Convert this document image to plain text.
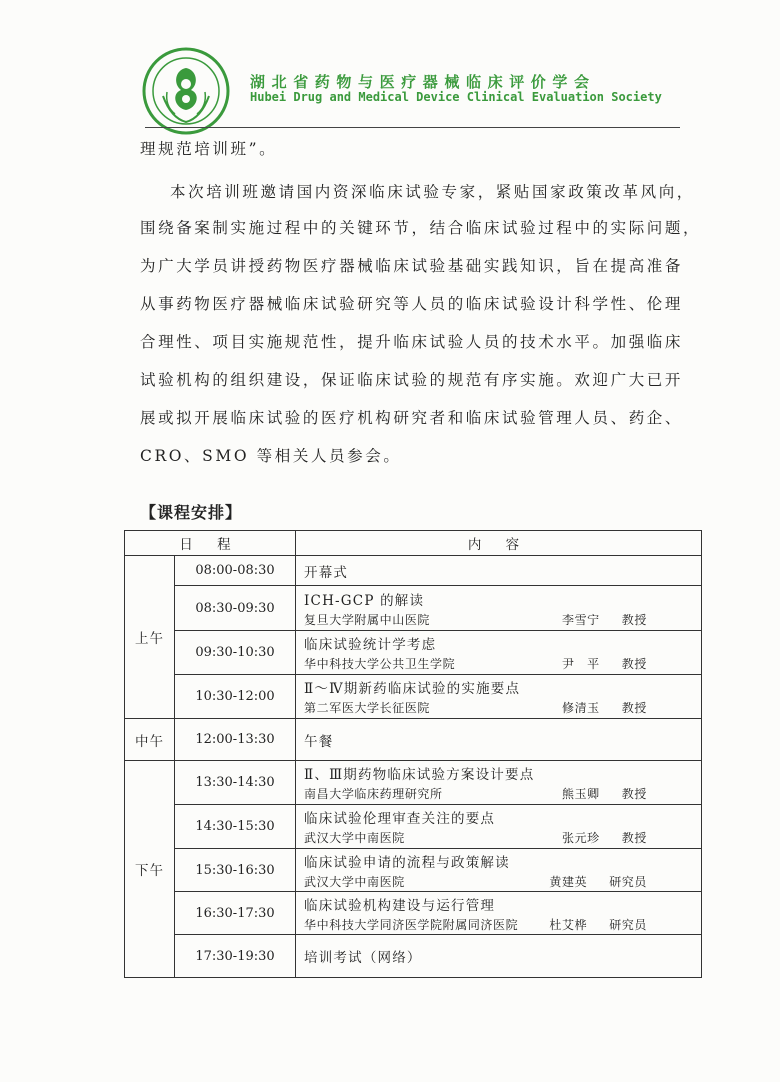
湖北省药物与医疗器械临床评价学会
Hubei Drug and Medical Device Clinical Evaluation Society
理规范培训班”。
本次培训班邀请国内资深临床试验专家，紧贴国家政策改革风向，
围绕备案制实施过程中的关键环节，结合临床试验过程中的实际问题，
为广大学员讲授药物医疗器械临床试验基础实践知识，旨在提高准备
从事药物医疗器械临床试验研究等人员的临床试验设计科学性、伦理
合理性、项目实施规范性，提升临床试验人员的技术水平。加强临床
试验机构的组织建设，保证临床试验的规范有序实施。欢迎广大已开
展或拟开展临床试验的医疗机构研究者和临床试验管理人员、药企、
CRO、SMO 等相关人员参会。
【课程安排】
日 程		内 容
上午	08:00-08:30	开幕式

	08:30-09:30	ICH-GCP 的解读
复旦大学附属中山医院 李雪宁 教授

	09:30-10:30	临床试验统计学考虑
华中科技大学公共卫生学院 尹　平 教授

	10:30-12:00	Ⅱ～Ⅳ期新药临床试验的实施要点
第二军医大学长征医院 修清玉 教授

中午	12:00-13:30	午餐

下午	13:30-14:30	Ⅱ、Ⅲ期药物临床试验方案设计要点
南昌大学临床药理研究所 熊玉卿 教授

	14:30-15:30	临床试验伦理审查关注的要点
武汉大学中南医院 张元珍 教授

	15:30-16:30	临床试验申请的流程与政策解读
武汉大学中南医院 黄建英 研究员

	16:30-17:30	临床试验机构建设与运行管理
华中科技大学同济医学院附属同济医院 杜艾桦 研究员

	17:30-19:30	培训考试（网络）
